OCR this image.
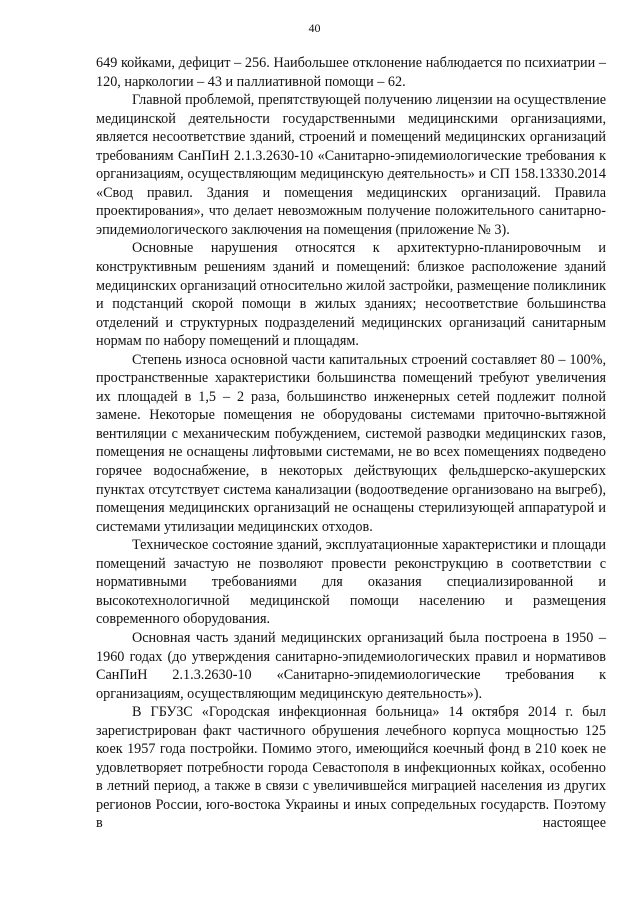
40

649 койками, дефицит – 256. Наибольшее отклонение наблюдается по психиатрии – 120, наркологии – 43 и паллиативной помощи – 62.

Главной проблемой, препятствующей получению лицензии на осуществление медицинской деятельности государственными медицинскими организациями, является несоответствие зданий, строений и помещений медицинских организаций требованиям СанПиН 2.1.3.2630-10 «Санитарно-эпидемиологические требования к организациям, осуществляющим медицинскую деятельность» и СП 158.13330.2014 «Свод правил. Здания и помещения медицинских организаций. Правила проектирования», что делает невозможным получение положительного санитарно-эпидемиологического заключения на помещения (приложение № 3).

Основные нарушения относятся к архитектурно-планировочным и конструктивным решениям зданий и помещений: близкое расположение зданий медицинских организаций относительно жилой застройки, размещение поликлиник и подстанций скорой помощи в жилых зданиях; несоответствие большинства отделений и структурных подразделений медицинских организаций санитарным нормам по набору помещений и площадям.

Степень износа основной части капитальных строений составляет 80 – 100%, пространственные характеристики большинства помещений требуют увеличения их площадей в 1,5 – 2 раза, большинство инженерных сетей подлежит полной замене. Некоторые помещения не оборудованы системами приточно-вытяжной вентиляции с механическим побуждением, системой разводки медицинских газов, помещения не оснащены лифтовыми системами, не во всех помещениях подведено горячее водоснабжение, в некоторых действующих фельдшерско-акушерских пунктах отсутствует система канализации (водоотведение организовано на выгреб), помещения медицинских организаций не оснащены стерилизующей аппаратурой и системами утилизации медицинских отходов.

Техническое состояние зданий, эксплуатационные характеристики и площади помещений зачастую не позволяют провести реконструкцию в соответствии с нормативными требованиями для оказания специализированной и высокотехнологичной медицинской помощи населению и размещения современного оборудования.

Основная часть зданий медицинских организаций была построена в 1950 – 1960 годах (до утверждения санитарно-эпидемиологических правил и нормативов СанПиН 2.1.3.2630-10 «Санитарно-эпидемиологические требования к организациям, осуществляющим медицинскую деятельность»).

В ГБУЗС «Городская инфекционная больница» 14 октября 2014 г. был зарегистрирован факт частичного обрушения лечебного корпуса мощностью 125 коек 1957 года постройки. Помимо этого, имеющийся коечный фонд в 210 коек не удовлетворяет потребности города Севастополя в инфекционных койках, особенно в летний период, а также в связи с увеличившейся миграцией населения из других регионов России, юго-востока Украины и иных сопредельных государств. Поэтому в настоящее
